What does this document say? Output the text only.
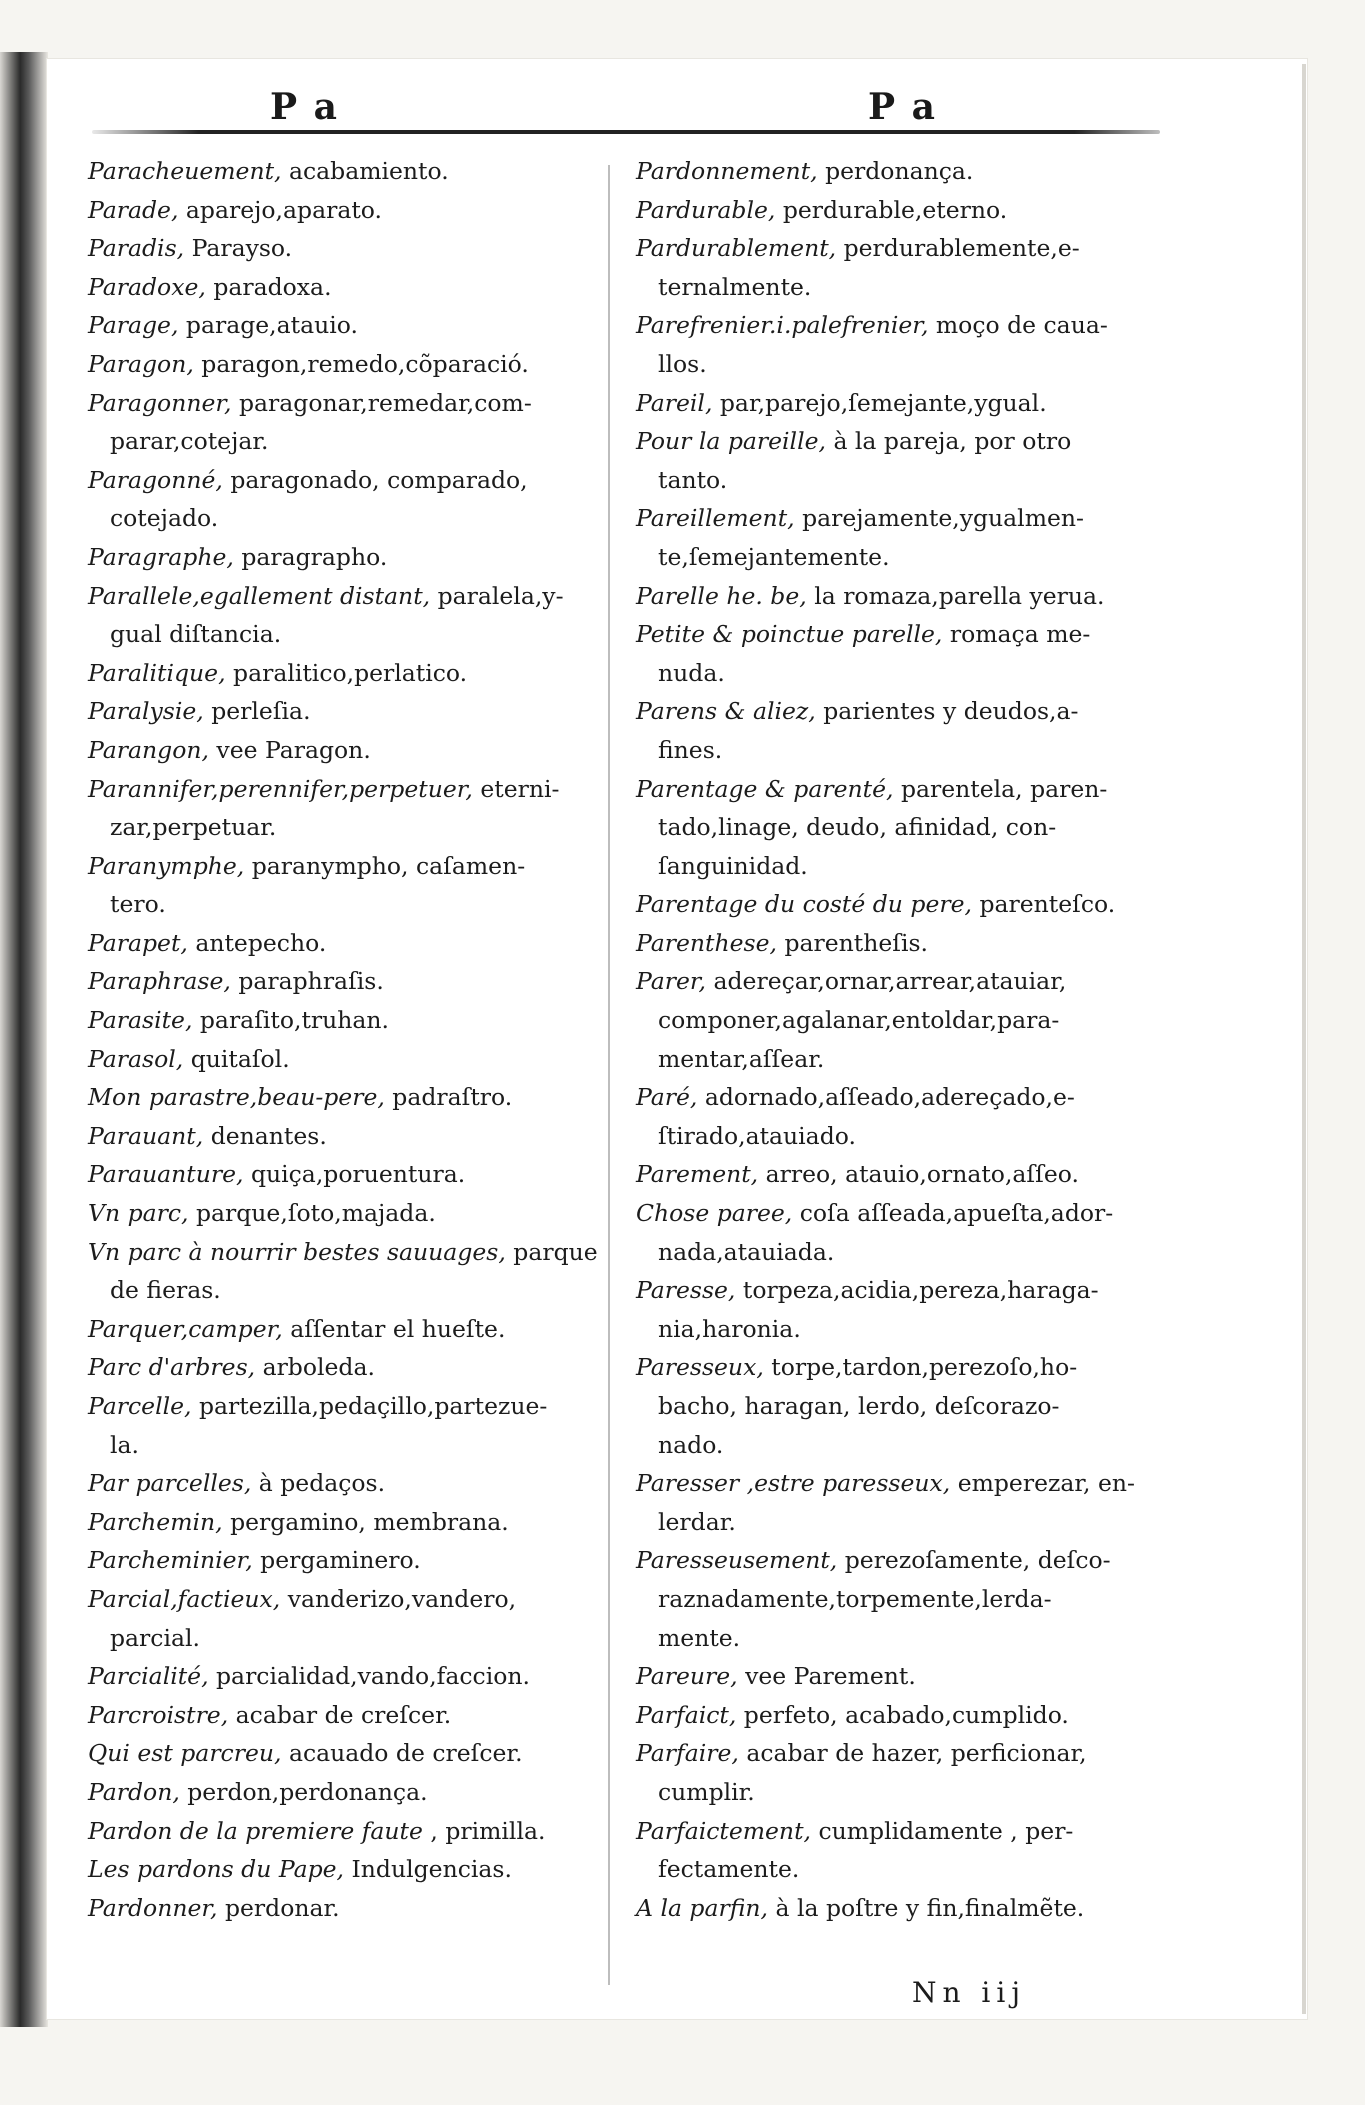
P a	P a
Paracheuement, acabamiento.
Parade, aparejo,aparato.
Paradis, Parayso.
Paradoxe, paradoxa.
Parage, parage,atauio.
Paragon, paragon,remedo,cõparació.
Paragonner, paragonar,remedar,com-
parar,cotejar.
Paragonné, paragonado, comparado,
cotejado.
Paragraphe, paragrapho.
Parallele,egallement distant, paralela,y-
gual diſtancia.
Paralitique, paralitico,perlatico.
Paralysie, perleſia.
Parangon, vee Paragon.
Parannifer,perennifer,perpetuer, eterni-
zar,perpetuar.
Paranymphe, paranympho, caſamen-
tero.
Parapet, antepecho.
Paraphrase, paraphraſis.
Parasite, paraſito,truhan.
Parasol, quitaſol.
Mon parastre,beau-pere, padraſtro.
Parauant, denantes.
Parauanture, quiça,poruentura.
Vn parc, parque,ſoto,majada.
Vn parc à nourrir bestes sauuages, parque
de fieras.
Parquer,camper, aſſentar el hueſte.
Parc d'arbres, arboleda.
Parcelle, partezilla,pedaçillo,partezue-
la.
Par parcelles, à pedaços.
Parchemin, pergamino, membrana.
Parcheminier, pergaminero.
Parcial,factieux, vanderizo,vandero,
parcial.
Parcialité, parcialidad,vando,faccion.
Parcroistre, acabar de creſcer.
Qui est parcreu, acauado de creſcer.
Pardon, perdon,perdonança.
Pardon de la premiere faute , primilla.
Les pardons du Pape, Indulgencias.
Pardonner, perdonar.
Pardonnement, perdonança.
Pardurable, perdurable,eterno.
Pardurablement, perdurablemente,e-
ternalmente.
Parefrenier.i.palefrenier, moço de caua-
llos.
Pareil, par,parejo,ſemejante,ygual.
Pour la pareille, à la pareja, por otro
tanto.
Pareillement, parejamente,ygualmen-
te,ſemejantemente.
Parelle he. be, la romaza,parella yerua.
Petite & poinctue parelle, romaça me-
nuda.
Parens & aliez, parientes y deudos,a-
fines.
Parentage & parenté, parentela, paren-
tado,linage, deudo, afinidad, con-
ſanguinidad.
Parentage du costé du pere, parenteſco.
Parenthese, parentheſis.
Parer, adereçar,ornar,arrear,atauiar,
componer,agalanar,entoldar,para-
mentar,aſſear.
Paré, adornado,aſſeado,adereçado,e-
ſtirado,atauiado.
Parement, arreo, atauio,ornato,aſſeo.
Chose paree, coſa aſſeada,apueſta,ador-
nada,atauiada.
Paresse, torpeza,acidia,pereza,haraga-
nia,haronia.
Paresseux, torpe,tardon,perezoſo,ho-
bacho, haragan, lerdo, deſcorazo-
nado.
Paresser ,estre paresseux, emperezar, en-
lerdar.
Paresseusement, perezoſamente, deſco-
raznadamente,torpemente,lerda-
mente.
Pareure, vee Parement.
Parfaict, perfeto, acabado,cumplido.
Parfaire, acabar de hazer, perficionar,
cumplir.
Parfaictement, cumplidamente , per-
fectamente.
A la parfin, à la poſtre y fin,finalmẽte.
Nn iij
